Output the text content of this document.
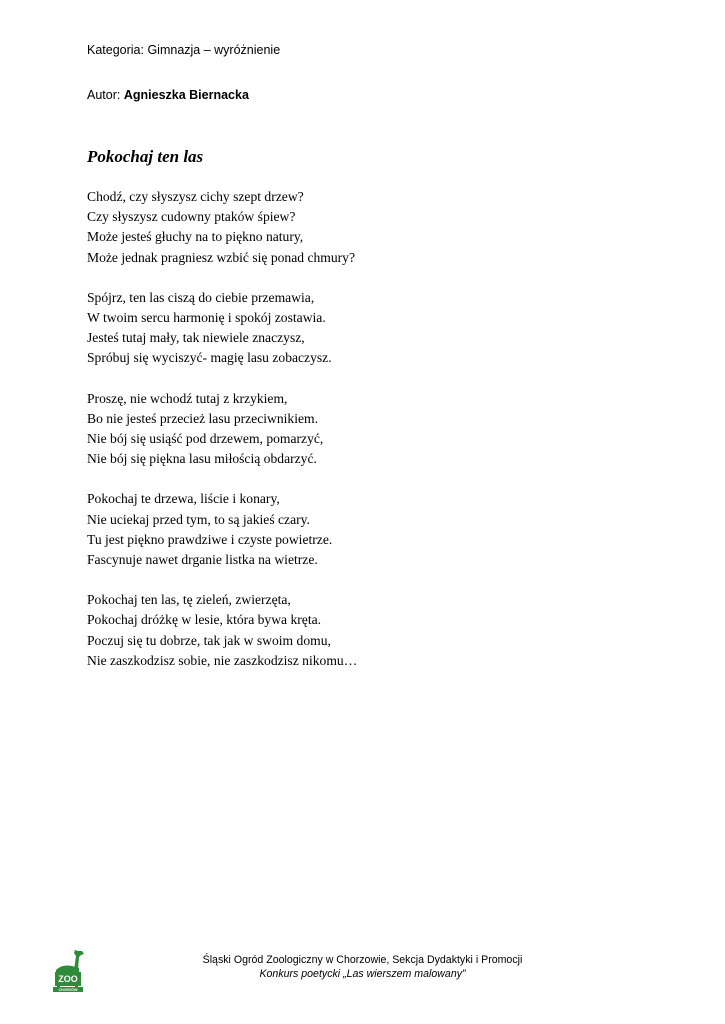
Kategoria: Gimnazja – wyróżnienie
Autor: Agnieszka Biernacka
Pokochaj ten las
Chodź, czy słyszysz cichy szept drzew?
Czy słyszysz cudowny ptaków śpiew?
Może jesteś głuchy na to piękno natury,
Może jednak pragniesz wzbić się ponad chmury?
Spójrz, ten las ciszą do ciebie przemawia,
W twoim sercu harmonię i spokój zostawia.
Jesteś tutaj mały, tak niewiele znaczysz,
Spróbuj się wyciszyć- magię lasu zobaczysz.
Proszę, nie wchodź tutaj z krzykiem,
Bo nie jesteś przecież lasu przeciwnikiem.
Nie bój się usiąść pod drzewem, pomarzyć,
Nie bój się piękna lasu miłością obdarzyć.
Pokochaj te drzewa, liście i konary,
Nie uciekaj przed tym, to są jakieś czary.
Tu jest piękno prawdziwe i czyste powietrze.
Fascynuje nawet drganie listka na wietrze.
Pokochaj ten las, tę zieleń, zwierzęta,
Pokochaj dróżkę w lesie, która bywa kręta.
Poczuj się tu dobrze, tak jak w swoim domu,
Nie zaszkodzisz sobie, nie zaszkodzisz nikomu…
ZOO
CHORZÓW
Śląski Ogród Zoologiczny w Chorzowie, Sekcja Dydaktyki i Promocji
Konkurs poetycki „Las wierszem malowany”
